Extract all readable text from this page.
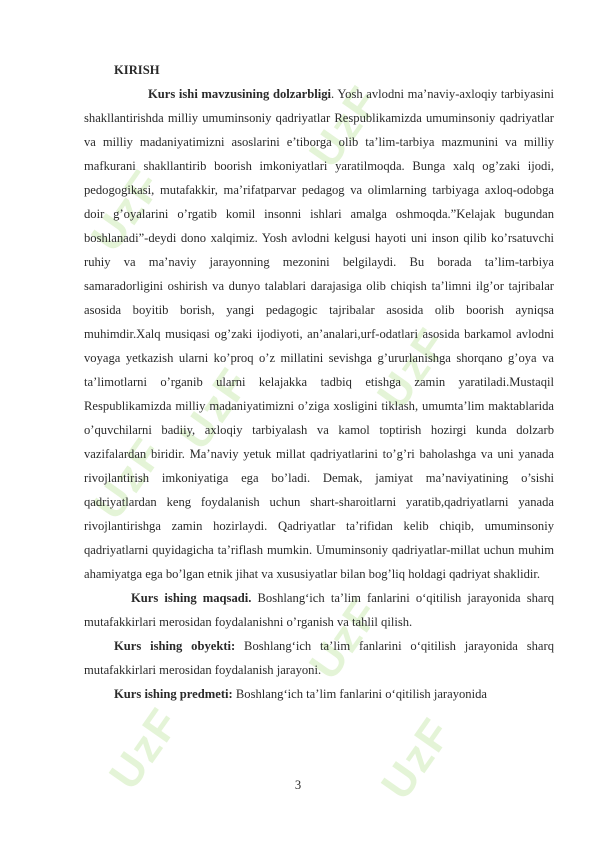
UzF
UzF
UzF UzF
UzF
UzF
UzF	UzF
KIRISH

Kurs ishi mavzusining dolzarbligi. Yosh avlodni ma’naviy-axloqiy tarbiyasini shakllantirishda milliy umuminsoniy qadriyatlar Respublikamizda umuminsoniy qadriyatlar va milliy madaniyatimizni asoslarini e’tiborga olib ta’lim-tarbiya mazmunini va milliy mafkurani shakllantirib boorish imkoniyatlari yaratilmoqda. Bunga xalq og’zaki ijodi, pedogogikasi, mutafakkir, ma’rifatparvar pedagog va olimlarning tarbiyaga axloq-odobga doir g’oyalarini o’rgatib komil insonni ishlari amalga oshmoqda.”Kelajak bugundan boshlanadi”-deydi dono xalqimiz. Yosh avlodni kelgusi hayoti uni inson qilib ko’rsatuvchi ruhiy va ma’naviy jarayonning mezonini belgilaydi. Bu borada ta’lim-tarbiya samaradorligini oshirish va dunyo talablari darajasiga olib chiqish ta’limni ilg’or tajribalar asosida boyitib borish, yangi pedagogic tajribalar asosida olib boorish ayniqsa muhimdir.Xalq musiqasi og’zaki ijodiyoti, an’analari,urf-odatlari asosida barkamol avlodni voyaga yetkazish ularni ko’proq o’z millatini sevishga g’ururlanishga shorqano g’oya va ta’limotlarni o’rganib ularni kelajakka tadbiq etishga zamin yaratiladi.Mustaqil Respublikamizda milliy madaniyatimizni o’ziga xosligini tiklash, umumta’lim maktablarida o’quvchilarni badiiy, axloqiy tarbiyalash va kamol toptirish hozirgi kunda dolzarb vazifalardan biridir. Ma’naviy yetuk millat qadriyatlarini to’g’ri baholashga va uni yanada rivojlantirish imkoniyatiga ega bo’ladi. Demak, jamiyat ma’naviyatining o’sishi qadriyatlardan keng foydalanish uchun shart-sharoitlarni yaratib,qadriyatlarni yanada rivojlantirishga zamin hozirlaydi. Qadriyatlar ta’rifidan kelib chiqib, umuminsoniy qadriyatlarni quyidagicha ta’riflash mumkin. Umuminsoniy qadriyatlar-millat uchun muhim ahamiyatga ega bo’lgan etnik jihat va xususiyatlar bilan bog’liq holdagi qadriyat shaklidir.

Kurs ishing maqsadi. Boshlang‘ich ta’lim fanlarini o‘qitilish jarayonida sharq mutafakkirlari merosidan foydalanishni o’rganish va tahlil qilish.

Kurs ishing obyekti: Boshlang‘ich ta’lim fanlarini o‘qitilish jarayonida sharq mutafakkirlari merosidan foydalanish jarayoni.

Kurs ishing predmeti: Boshlang‘ich ta’lim fanlarini o‘qitilish jarayonida

3
